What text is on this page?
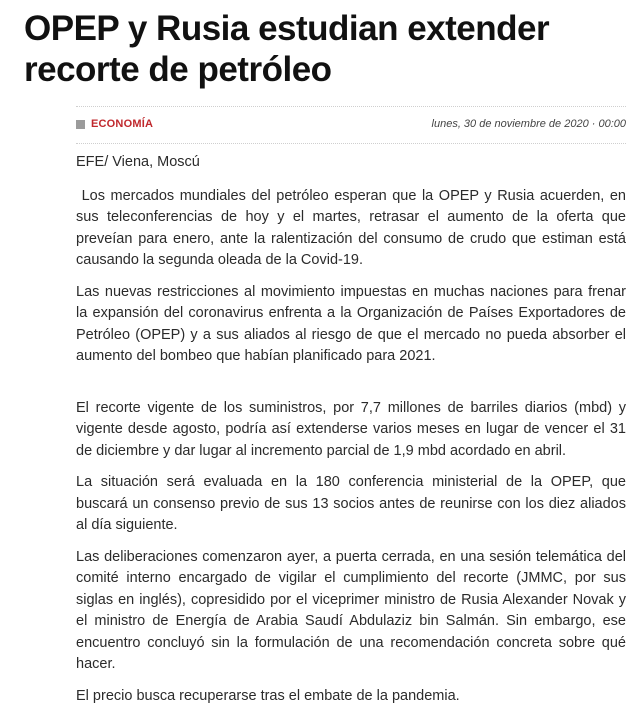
OPEP y Rusia estudian extender recorte de petróleo
ECONOMÍA	lunes, 30 de noviembre de 2020 · 00:00

EFE/ Viena, Moscú

Los mercados mundiales del petróleo esperan que la OPEP y Rusia acuerden, en sus teleconferencias de hoy y el martes, retrasar el aumento de la oferta que preveían para enero, ante la ralentización del consumo de crudo que estiman está causando la segunda oleada de la Covid-19.

Las nuevas restricciones al movimiento impuestas en muchas naciones para frenar la expansión del coronavirus enfrenta a la Organización de Países Exportadores de Petróleo (OPEP) y a sus aliados al riesgo de que el mercado no pueda absorber el aumento del bombeo que habían planificado para 2021.

El recorte vigente de los suministros, por 7,7 millones de barriles diarios (mbd) y vigente desde agosto, podría así extenderse varios meses en lugar de vencer el 31 de diciembre y dar lugar al incremento parcial de 1,9 mbd acordado en abril.

La situación será evaluada en la 180 conferencia ministerial de la OPEP, que buscará un consenso previo de sus 13 socios antes de reunirse con los diez aliados al día siguiente.

Las deliberaciones comenzaron ayer, a puerta cerrada, en una sesión telemática del comité interno encargado de vigilar el cumplimiento del recorte (JMMC, por sus siglas en inglés), copresidido por el viceprimer ministro de Rusia Alexander Novak y el ministro de Energía de Arabia Saudí Abdulaziz bin Salmán. Sin embargo, ese encuentro concluyó sin la formulación de una recomendación concreta sobre qué hacer.

El precio busca recuperarse tras el embate de la pandemia.
